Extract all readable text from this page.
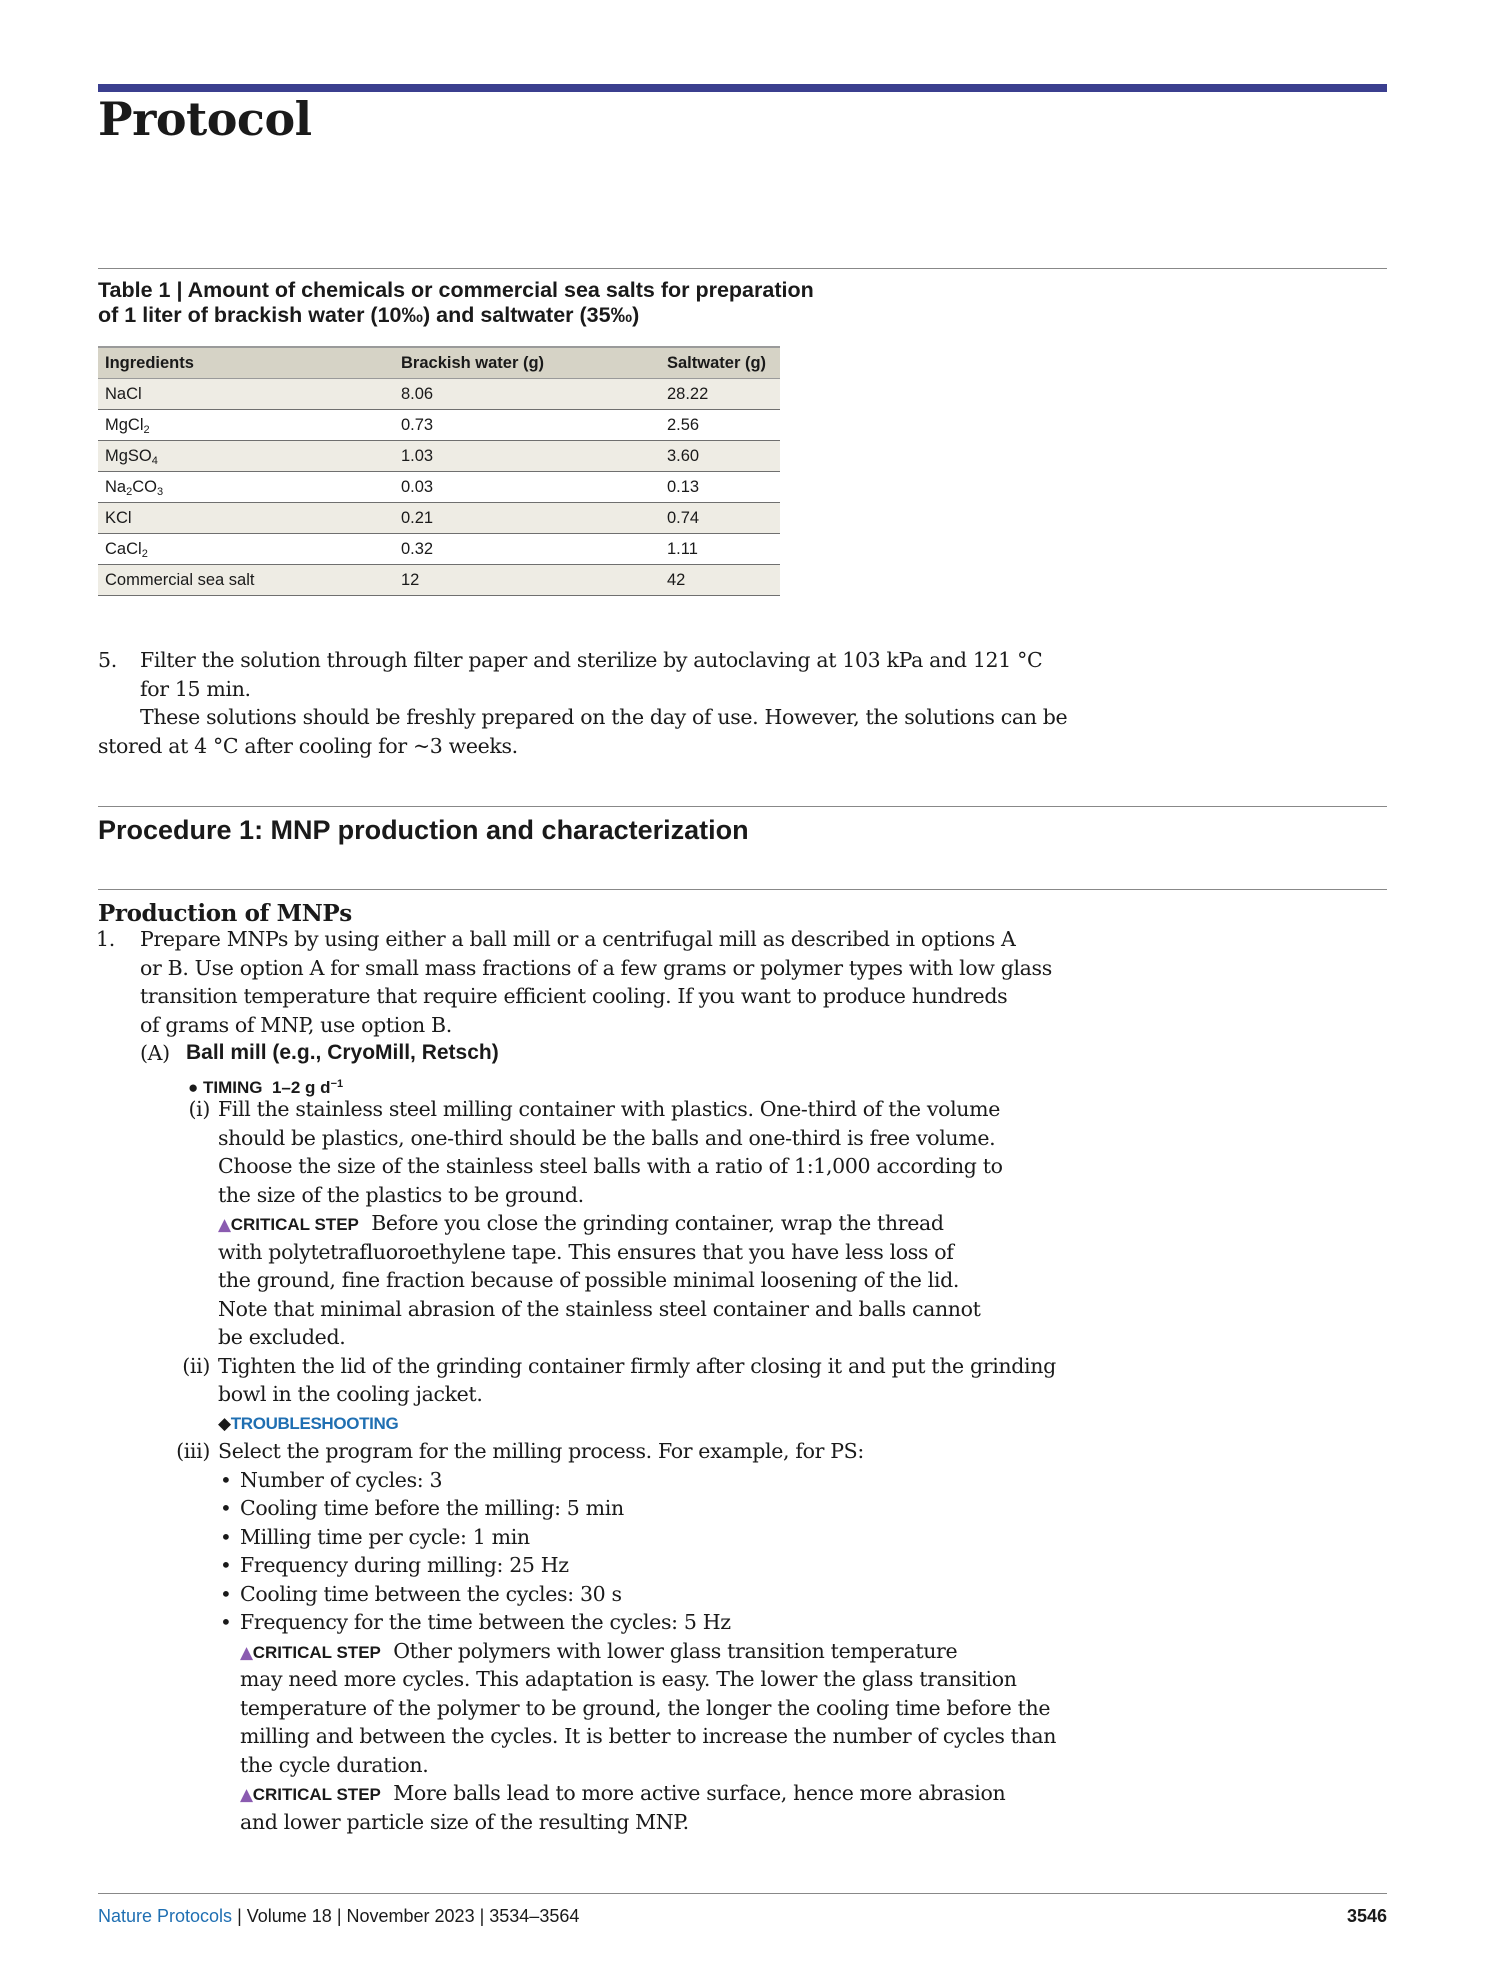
Protocol
Table 1 | Amount of chemicals or commercial sea salts for preparation
of 1 liter of brackish water (10‰) and saltwater (35‰)
Ingredients	Brackish water (g)	Saltwater (g)
NaCl	8.06	28.22
MgCl$_2$	0.73	2.56
MgSO$_4$	1.03	3.60
$Na_2CO_3$	0.03	0.13
KCl	0.21	0.74
CaCl$_2$	0.32	1.11
Commercial sea salt	12	42
5. Filter the solution through filter paper and sterilize by autoclaving at 103 kPa and 121 °C
for 15 min.
These solutions should be freshly prepared on the day of use. However, the solutions can be
stored at 4 °C after cooling for ~3 weeks.
Procedure 1: MNP production and characterization
Production of MNPs
1. Prepare MNPs by using either a ball mill or a centrifugal mill as described in options A
or B. Use option A for small mass fractions of a few grams or polymer types with low glass
transition temperature that require efficient cooling. If you want to produce hundreds
of grams of MNP, use option B.
(A) Ball mill (e.g., CryoMill, Retsch)
● TIMING 1–2 g $d^{-1}$
(i) Fill the stainless steel milling container with plastics. One-third of the volume
should be plastics, one-third should be the balls and one-third is free volume.
Choose the size of the stainless steel balls with a ratio of 1:1,000 according to
the size of the plastics to be ground.
▲CRITICAL STEP Before you close the grinding container, wrap the thread
with polytetrafluoroethylene tape. This ensures that you have less loss of
the ground, fine fraction because of possible minimal loosening of the lid.
Note that minimal abrasion of the stainless steel container and balls cannot
be excluded.
(ii) Tighten the lid of the grinding container firmly after closing it and put the grinding
bowl in the cooling jacket.
◆TROUBLESHOOTING
(iii) Select the program for the milling process. For example, for PS:
• Number of cycles: 3
• Cooling time before the milling: 5 min
• Milling time per cycle: 1 min
• Frequency during milling: 25 Hz
• Cooling time between the cycles: 30 s
• Frequency for the time between the cycles: 5 Hz
▲CRITICAL STEP Other polymers with lower glass transition temperature
may need more cycles. This adaptation is easy. The lower the glass transition
temperature of the polymer to be ground, the longer the cooling time before the
milling and between the cycles. It is better to increase the number of cycles than
the cycle duration.
▲CRITICAL STEP More balls lead to more active surface, hence more abrasion
and lower particle size of the resulting MNP.
Nature Protocols | Volume 18 | November 2023 | 3534–3564	3546
